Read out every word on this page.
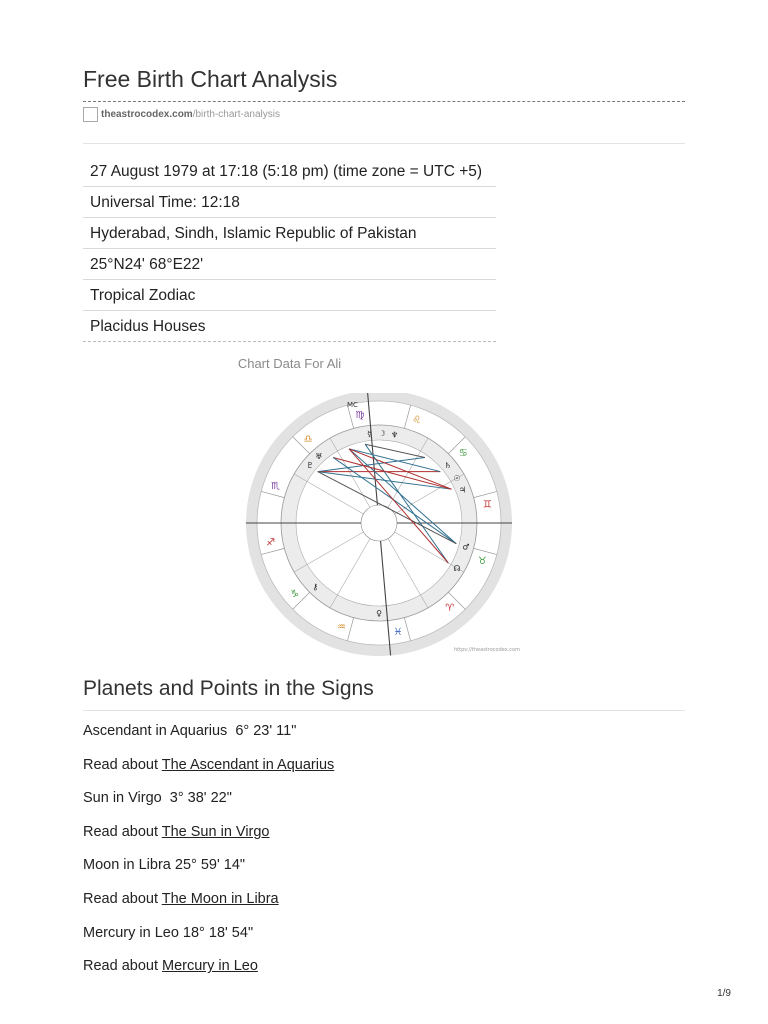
Free Birth Chart Analysis
theastrocodex.com /birth-chart-analysis
27 August 1979 at 17:18 (5:18 pm) (time zone = UTC +5)
Universal Time: 12:18
Hyderabad, Sindh, Islamic Republic of Pakistan
25°N24' 68°E22'
Tropical Zodiac
Placidus Houses
Chart Data For Ali
♍	♌
♋
♊
♉
♈
♓
♒
♑
♐
♏
♎
☿ ☽ ♆
♇
♅
♄
☉
♃
♂
☊
⚷
♀
MC
https://theastrocodex.com
Planets and Points in the Signs
Ascendant in Aquarius  6° 23' 11"
Read about The Ascendant in Aquarius
Sun in Virgo  3° 38' 22"
Read about The Sun in Virgo
Moon in Libra 25° 59' 14"
Read about The Moon in Libra
Mercury in Leo 18° 18' 54"
Read about Mercury in Leo
1/9
